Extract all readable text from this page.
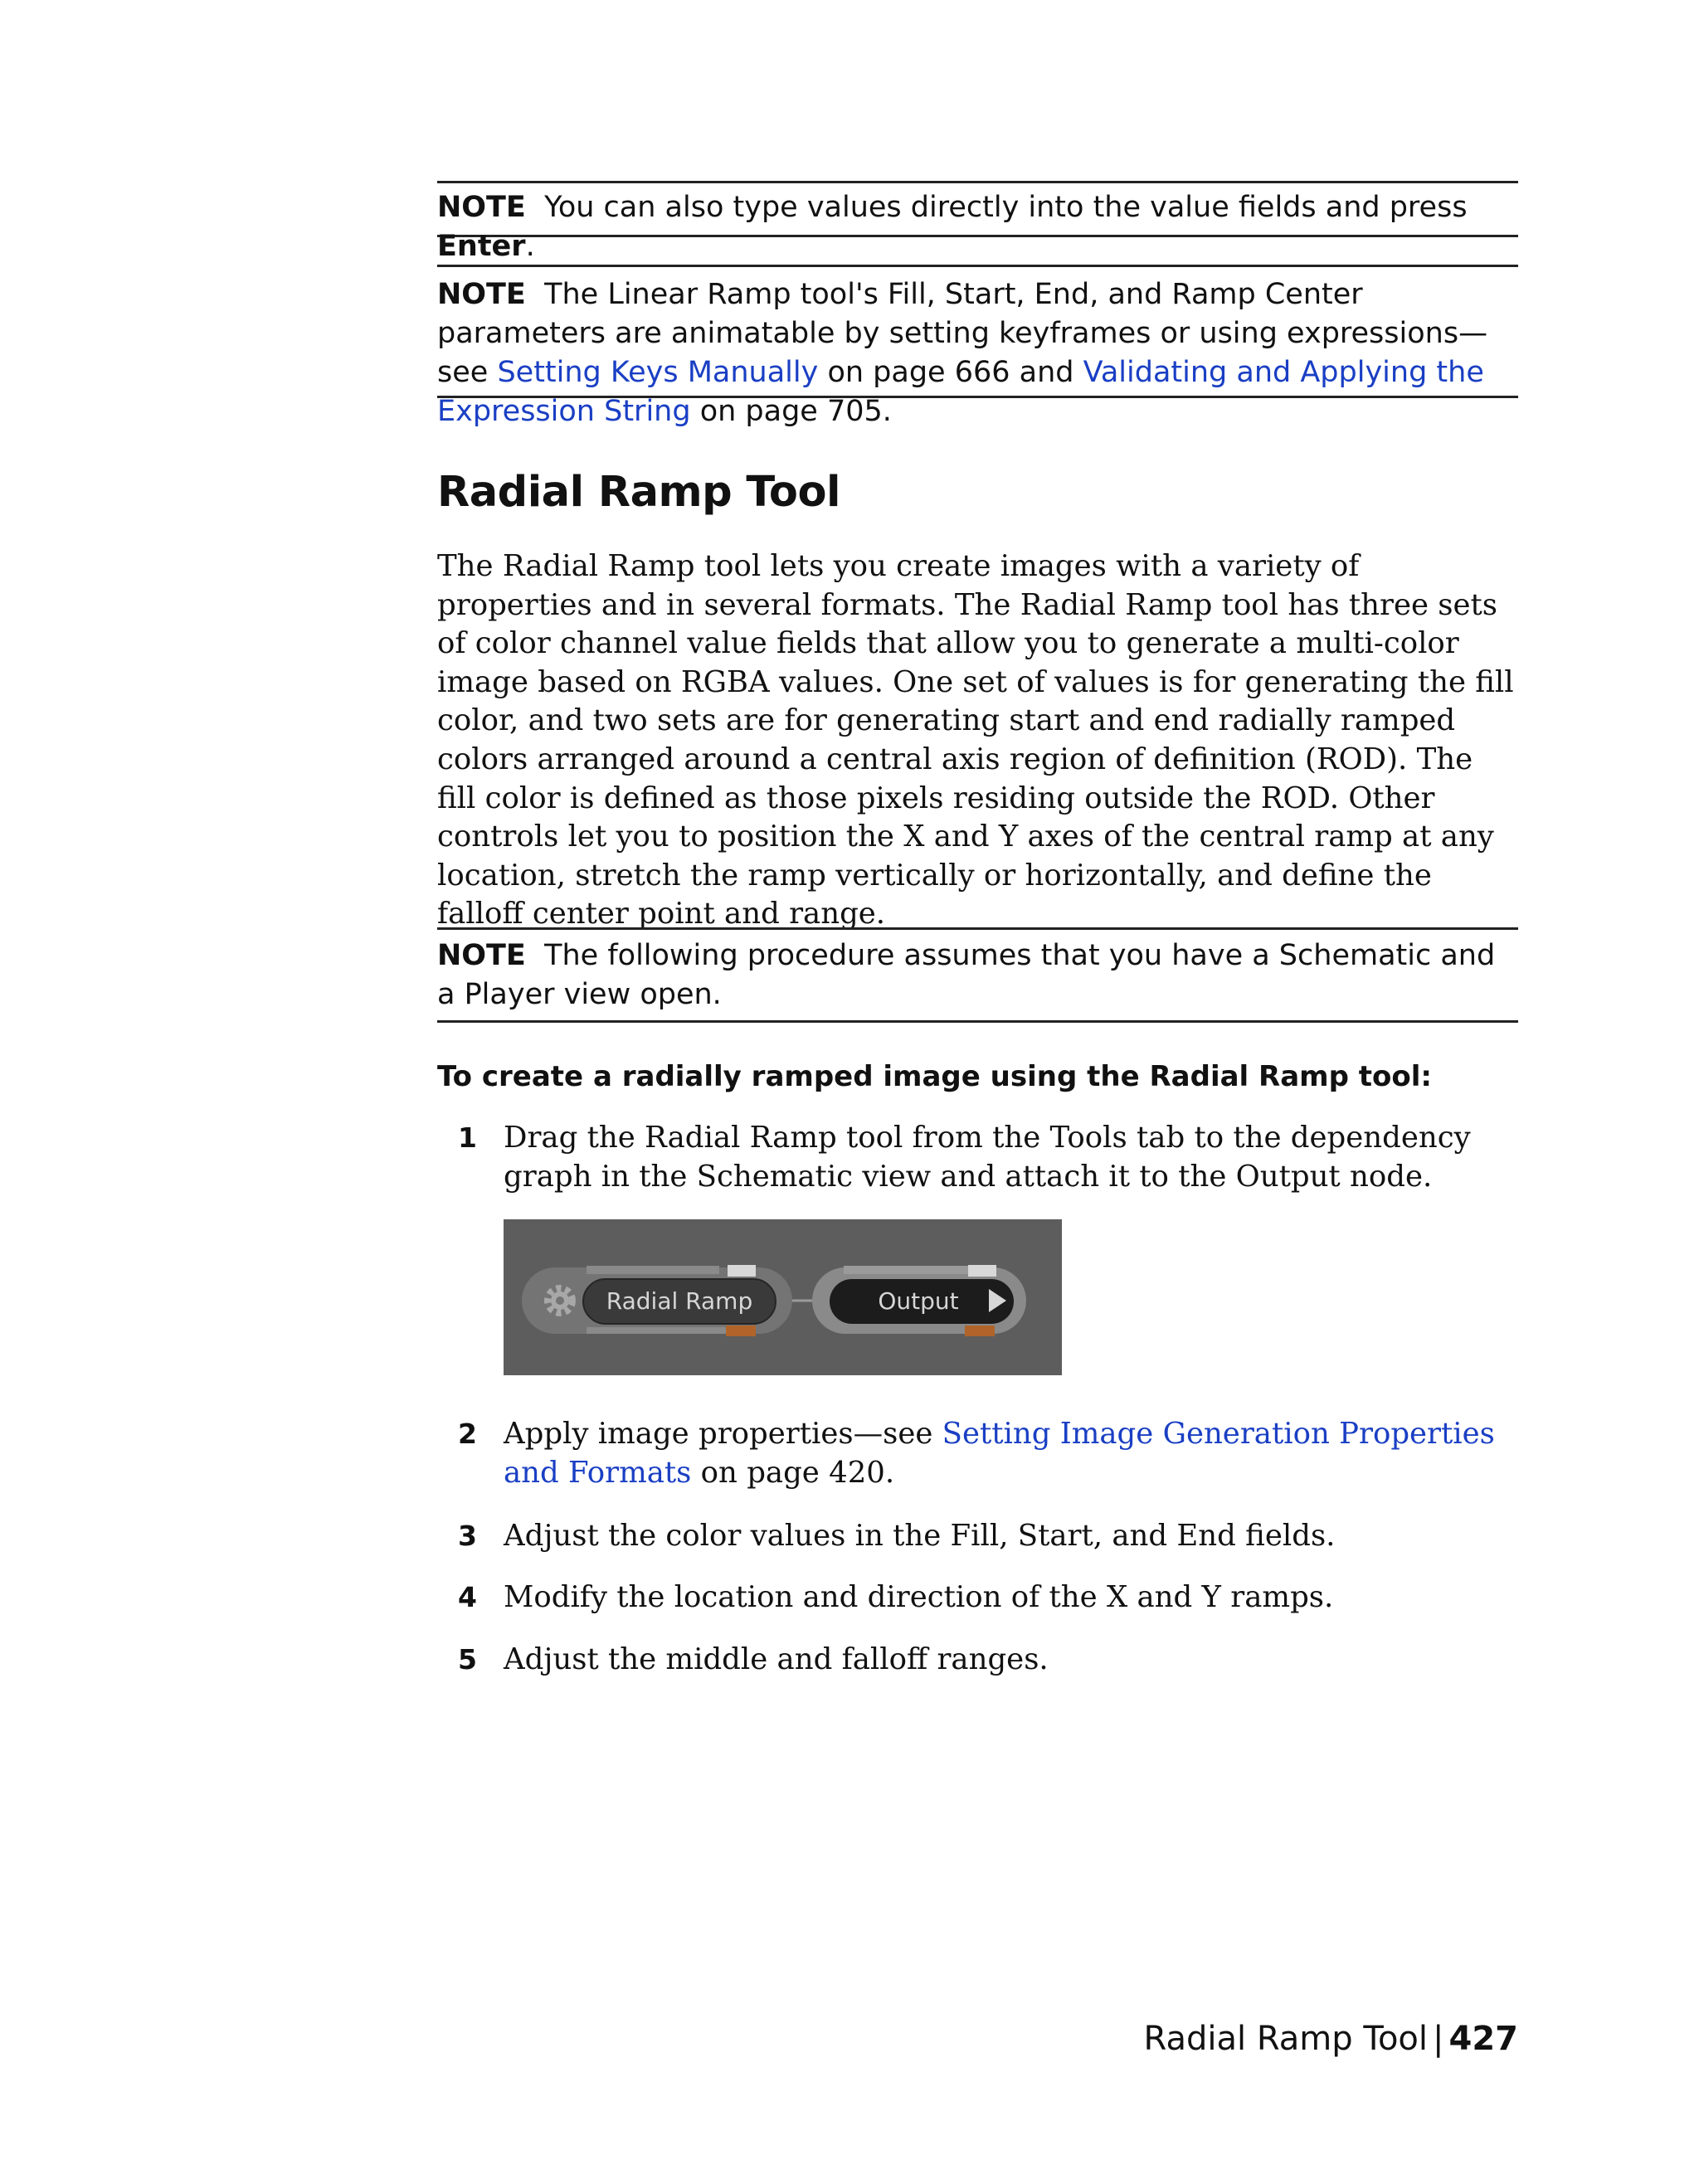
NOTE You can also type values directly into the value fields and press Enter.
NOTE The Linear Ramp tool's Fill, Start, End, and Ramp Center parameters are animatable by setting keyframes or using expressions—see Setting Keys Manually on page 666 and Validating and Applying the Expression String on page 705.
Radial Ramp Tool
The Radial Ramp tool lets you create images with a variety of properties and in several formats. The Radial Ramp tool has three sets of color channel value fields that allow you to generate a multi-color image based on RGBA values. One set of values is for generating the fill color, and two sets are for generating start and end radially ramped colors arranged around a central axis region of definition (ROD). The fill color is defined as those pixels residing outside the ROD. Other controls let you to position the X and Y axes of the central ramp at any location, stretch the ramp vertically or horizontally, and define the falloff center point and range.
NOTE The following procedure assumes that you have a Schematic and a Player view open.
To create a radially ramped image using the Radial Ramp tool:
1 Drag the Radial Ramp tool from the Tools tab to the dependency graph in the Schematic view and attach it to the Output node.
Radial Ramp	Output
2 Apply image properties—see Setting Image Generation Properties and Formats on page 420.
3 Adjust the color values in the Fill, Start, and End fields.
4 Modify the location and direction of the X and Y ramps.
5 Adjust the middle and falloff ranges.
Radial Ramp Tool | 427
